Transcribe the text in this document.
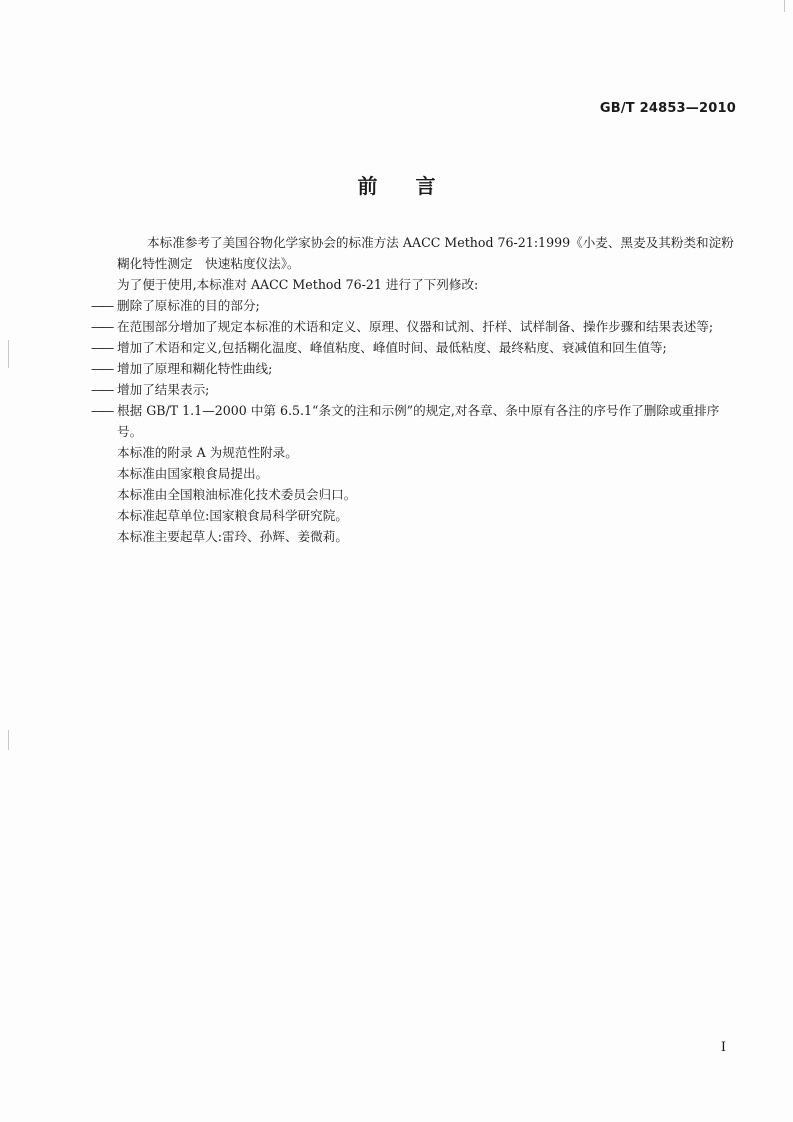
GB/T 24853—2010
前 言

本标准参考了美国谷物化学家协会的标准方法 AACC Method 76-21:1999《小麦、黑麦及其粉类和淀粉糊化特性测定　快速粘度仪法》。

为了便于使用,本标准对 AACC Method 76-21 进行了下列修改:

—— 删除了原标准的目的部分;

—— 在范围部分增加了规定本标准的术语和定义、原理、仪器和试剂、扦样、试样制备、操作步骤和结果表述等;

—— 增加了术语和定义,包括糊化温度、峰值粘度、峰值时间、最低粘度、最终粘度、衰减值和回生值等;

—— 增加了原理和糊化特性曲线;

—— 增加了结果表示;

—— 根据 GB/T 1.1—2000 中第 6.5.1“条文的注和示例”的规定,对各章、条中原有各注的序号作了删除或重排序号。

本标准的附录 A 为规范性附录。

本标准由国家粮食局提出。

本标准由全国粮油标准化技术委员会归口。

本标准起草单位:国家粮食局科学研究院。

本标准主要起草人:雷玲、孙辉、姜微莉。

I
